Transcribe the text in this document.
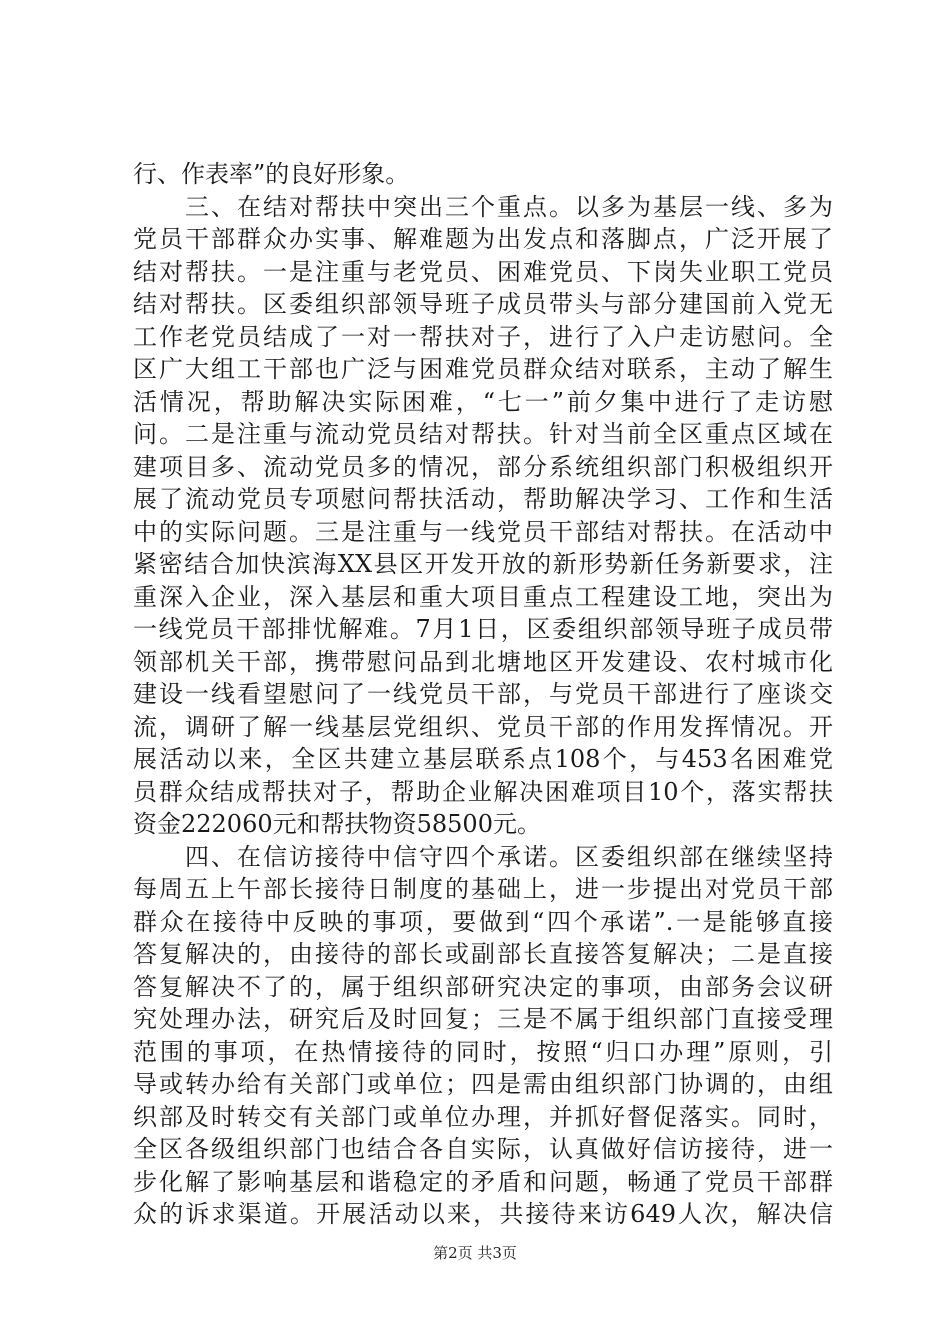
行、作表率”的良好形象。
　　三、在结对帮扶中突出三个重点。以多为基层一线、多为
党员干部群众办实事、解难题为出发点和落脚点，广泛开展了
结对帮扶。一是注重与老党员、困难党员、下岗失业职工党员
结对帮扶。区委组织部领导班子成员带头与部分建国前入党无
工作老党员结成了一对一帮扶对子，进行了入户走访慰问。全
区广大组工干部也广泛与困难党员群众结对联系，主动了解生
活情况，帮助解决实际困难，“七一”前夕集中进行了走访慰
问。二是注重与流动党员结对帮扶。针对当前全区重点区域在
建项目多、流动党员多的情况，部分系统组织部门积极组织开
展了流动党员专项慰问帮扶活动，帮助解决学习、工作和生活
中的实际问题。三是注重与一线党员干部结对帮扶。在活动中
紧密结合加快滨海XX县区开发开放的新形势新任务新要求，注
重深入企业，深入基层和重大项目重点工程建设工地，突出为
一线党员干部排忧解难。7月1日，区委组织部领导班子成员带
领部机关干部，携带慰问品到北塘地区开发建设、农村城市化
建设一线看望慰问了一线党员干部，与党员干部进行了座谈交
流，调研了解一线基层党组织、党员干部的作用发挥情况。开
展活动以来，全区共建立基层联系点108个，与453名困难党
员群众结成帮扶对子，帮助企业解决困难项目10个，落实帮扶
资金222060元和帮扶物资58500元。
　　四、在信访接待中信守四个承诺。区委组织部在继续坚持
每周五上午部长接待日制度的基础上，进一步提出对党员干部
群众在接待中反映的事项，要做到“四个承诺”.一是能够直接
答复解决的，由接待的部长或副部长直接答复解决；二是直接
答复解决不了的，属于组织部研究决定的事项，由部务会议研
究处理办法，研究后及时回复；三是不属于组织部门直接受理
范围的事项，在热情接待的同时，按照“归口办理”原则，引
导或转办给有关部门或单位；四是需由组织部门协调的，由组
织部及时转交有关部门或单位办理，并抓好督促落实。同时，
全区各级组织部门也结合各自实际，认真做好信访接待，进一
步化解了影响基层和谐稳定的矛盾和问题，畅通了党员干部群
众的诉求渠道。开展活动以来，共接待来访649人次，解决信
第2页 共3页
